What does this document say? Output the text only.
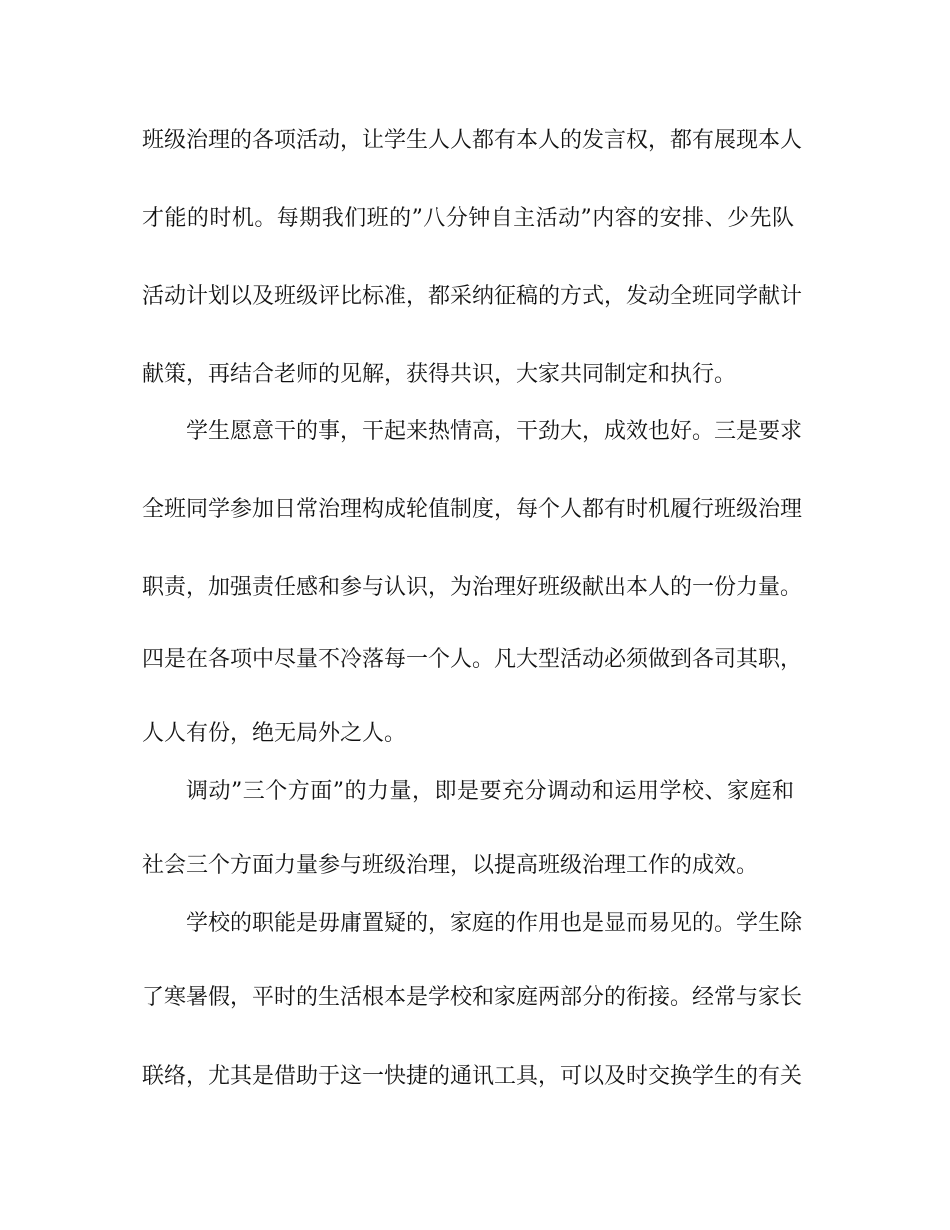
班级治理的各项活动，让学生人人都有本人的发言权，都有展现本人
才能的时机。每期我们班的”八分钟自主活动”内容的安排、少先队
活动计划以及班级评比标准，都采纳征稿的方式，发动全班同学献计
献策，再结合老师的见解，获得共识，大家共同制定和执行。
学生愿意干的事，干起来热情高，干劲大，成效也好。三是要求
全班同学参加日常治理构成轮值制度，每个人都有时机履行班级治理
职责，加强责任感和参与认识，为治理好班级献出本人的一份力量。
四是在各项中尽量不冷落每一个人。凡大型活动必须做到各司其职，
人人有份，绝无局外之人。
调动”三个方面”的力量，即是要充分调动和运用学校、家庭和
社会三个方面力量参与班级治理，以提高班级治理工作的成效。
学校的职能是毋庸置疑的，家庭的作用也是显而易见的。学生除
了寒暑假，平时的生活根本是学校和家庭两部分的衔接。经常与家长
联络，尤其是借助于这一快捷的通讯工具，可以及时交换学生的有关
